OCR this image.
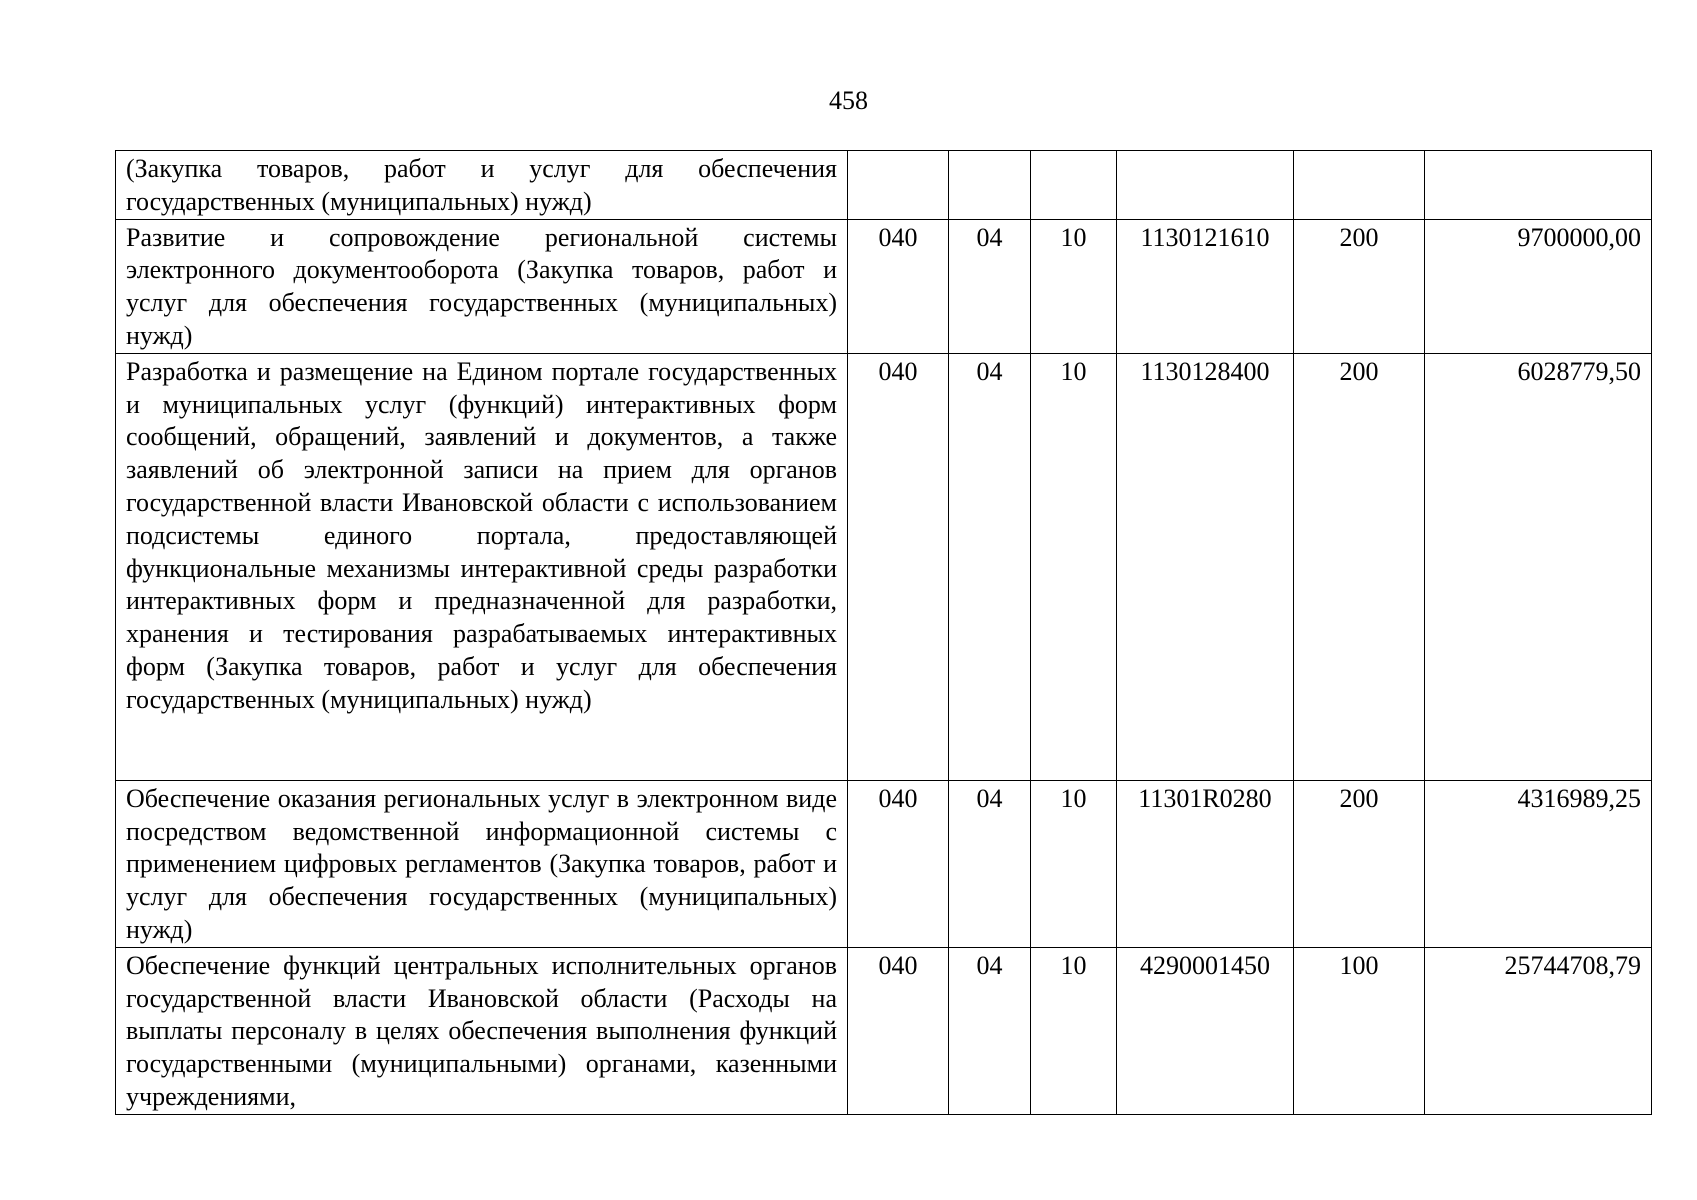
458
(Закупка товаров, работ и услуг для обеспечения государственных (муниципальных) нужд)						
Развитие и сопровождение региональной системы электронного документооборота (Закупка товаров, работ и услуг для обеспечения государственных (муниципальных) нужд)	040	04	10	1130121610	200	9700000,00
Разработка и размещение на Едином портале государственных и муниципальных услуг (функций) интерактивных форм сообщений, обращений, заявлений и документов, а также заявлений об электронной записи на прием для органов государственной власти Ивановской области с использованием подсистемы единого портала, предоставляющей функциональные механизмы интерактивной среды разработки интерактивных форм и предназначенной для разработки, хранения и тестирования разрабатываемых интерактивных форм (Закупка товаров, работ и услуг для обеспечения государственных (муниципальных) нужд)	040	04	10	1130128400	200	6028779,50
Обеспечение оказания региональных услуг в электронном виде посредством ведомственной информационной системы с применением цифровых регламентов (Закупка товаров, работ и услуг для обеспечения государственных (муниципальных) нужд)	040	04	10	11301R0280	200	4316989,25
Обеспечение функций центральных исполнительных органов государственной власти Ивановской области (Расходы на выплаты персоналу в целях обеспечения выполнения функций государственными (муниципальными) органами, казенными учреждениями,	040	04	10	4290001450	100	25744708,79
